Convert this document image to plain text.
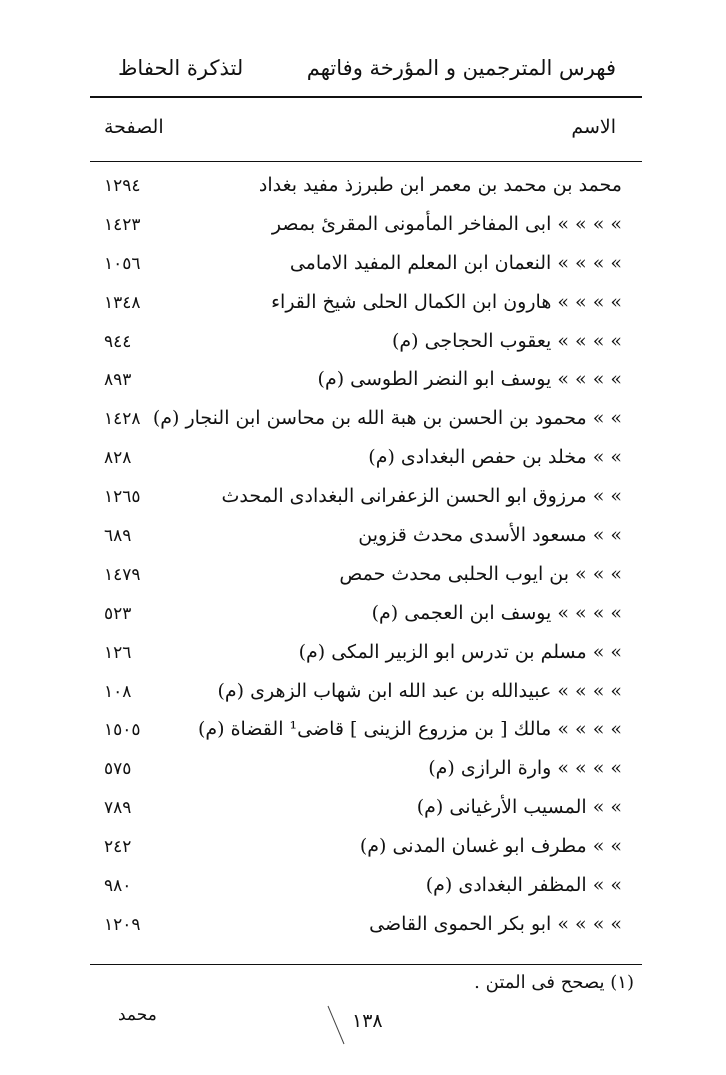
فهرس المترجمين و المؤرخة وفاتهم
لتذكرة الحفاظ
الاسم
الصفحة
محمد بن محمد بن معمر ابن طبرزذ مفيد بغداد
١٢٩٤
» » » » ابى المفاخر المأمونى المقرئ بمصر
١٤٢٣
» » » » النعمان ابن المعلم المفيد الامامى
١٠٥٦
» » » » هارون ابن الكمال الحلى شيخ القراء
١٣٤٨
» » » » يعقوب الحجاجى (م)
٩٤٤
» » » » يوسف ابو النضر الطوسى (م)
٨٩٣
» » محمود بن الحسن بن هبة الله بن محاسن ابن النجار (م)
١٤٢٨
» » مخلد بن حفص البغدادى (م)
٨٢٨
» » مرزوق ابو الحسن الزعفرانى البغدادى المحدث
١٢٦٥
» » مسعود الأسدى محدث قزوين
٦٨٩
» » » بن ايوب الحلبى محدث حمص
١٤٧٩
» » » » يوسف ابن العجمى (م)
٥٢٣
» » مسلم بن تدرس ابو الزبير المكى (م)
١٢٦
» » » » عبيدالله بن عبد الله ابن شهاب الزهرى (م)
١٠٨
» » » » مالك [ بن مزروع الزينى ] قاضى¹ القضاة (م)
١٥٠٥
» » » » وارة الرازى (م)
٥٧٥
» » المسيب الأرغيانى (م)
٧٨٩
» » مطرف ابو غسان المدنى (م)
٢٤٢
» » المظفر البغدادى (م)
٩٨٠
» » » » ابو بكر الحموى القاضى
١٢٠٩
(١) يصحح فى المتن .
١٣٨
محمد
